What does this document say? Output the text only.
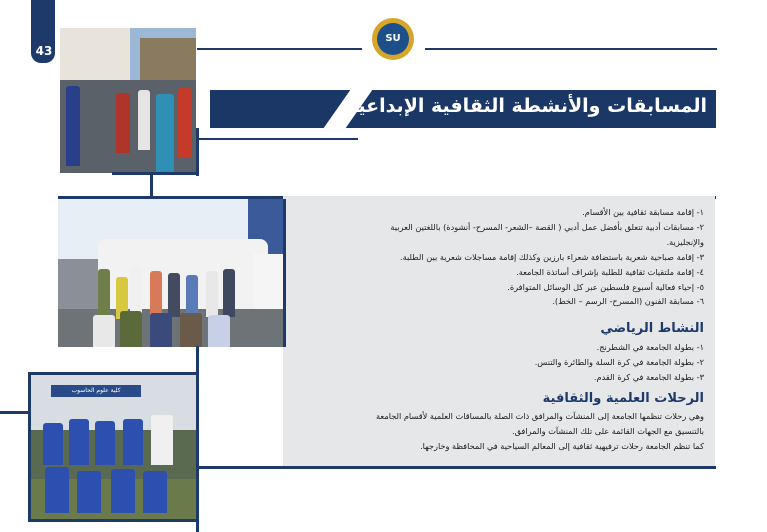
43
SU
المسابقات والأنشطة الثقافية الإبداعية
١- إقامة مسابقة ثقافية بين الأقسام.
٢- مسابقات أدبية تتعلق بأفضل عمل أدبي ( القصة –الشعر- المسرح- أنشودة) باللغتين العربية
والإنجليزية.
٣- إقامة صباحية شعرية باستضافة شعراء بارزين وكذلك إقامة مساجلات شعرية بين الطلبة.
٤- إقامة ملتقيات ثقافية للطلبة بإشراف أساتذة الجامعة.
٥- إحياء فعالية أسبوع فلسطين عبر كل الوسائل المتوافرة.
٦- مسابقة الفنون (المسرح- الرسم – الخط).
النشاط الرياضي
١- بطولة الجامعة في الشطرنج.
٢- بطولة الجامعة في كرة السلة والطائرة والتنس.
٣- بطولة الجامعة في كرة القدم.
الرحلات العلمية والثقافية
وهي رحلات تنظمها الجامعة إلى المنشآت والمرافق ذات الصلة بالمساقات العلمية لأقسام الجامعة
بالتنسيق مع الجهات القائمة على تلك المنشآت والمرافق.
كما تنظم الجامعة رحلات ترفيهية ثقافية إلى المعالم السياحية في المحافظة وخارجها.
كلية علوم الحاسوب
